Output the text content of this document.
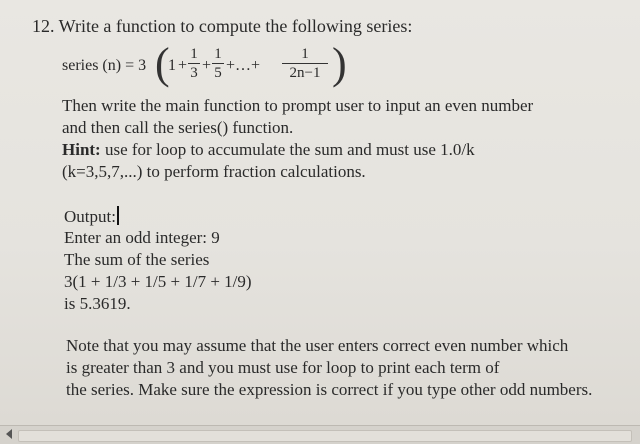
12. Write a function to compute the following series:
series (n) = 3 (
1 +
1
3 +
1
5 +…+
1
2n−1 )
Then write the main function to prompt user to input an even number
and then call the series() function.
Hint: use for loop to accumulate the sum and must use 1.0/k
(k=3,5,7,...) to perform fraction calculations.
Output:
Enter an odd integer: 9
The sum of the series
3(1 + 1/3 + 1/5 + 1/7 + 1/9)
is 5.3619.
Note that you may assume that the user enters correct even number which
is greater than 3 and you must use for loop to print each term of
the series. Make sure the expression is correct if you type other odd numbers.
